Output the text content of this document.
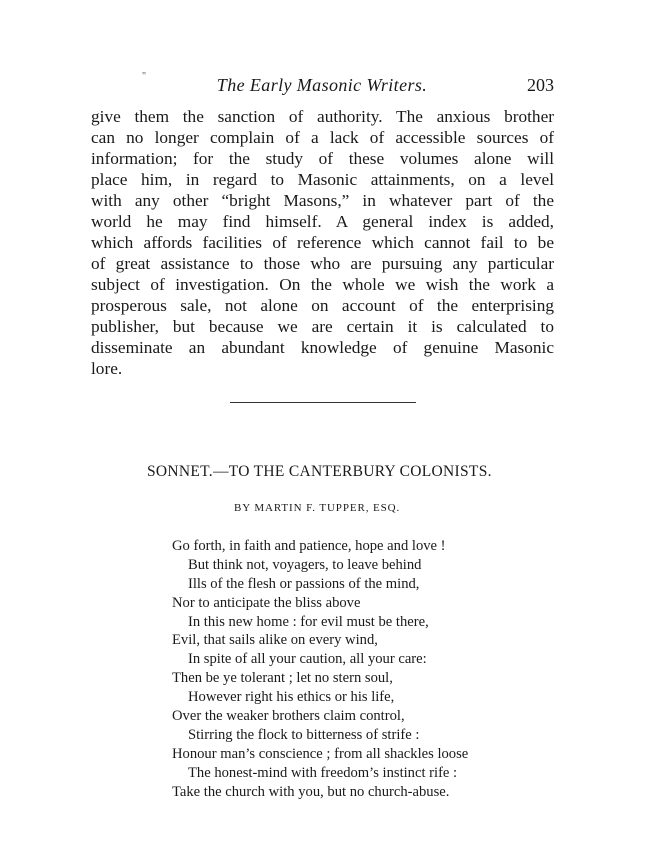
"	The Early Masonic Writers.	203
give them the sanction of authority. The anxious brother
can no longer complain of a lack of accessible sources of
information; for the study of these volumes alone will
place him, in regard to Masonic attainments, on a level
with any other “bright Masons,” in whatever part of the
world he may find himself. A general index is added,
which affords facilities of reference which cannot fail to be
of great assistance to those who are pursuing any particular
subject of investigation. On the whole we wish the work a
prosperous sale, not alone on account of the enterprising
publisher, but because we are certain it is calculated to
disseminate an abundant knowledge of genuine Masonic
lore.
SONNET.—TO THE CANTERBURY COLONISTS.
BY MARTIN F. TUPPER, ESQ.
Go forth, in faith and patience, hope and love !
But think not, voyagers, to leave behind
Ills of the flesh or passions of the mind,
Nor to anticipate the bliss above
In this new home : for evil must be there,
Evil, that sails alike on every wind,
In spite of all your caution, all your care:
Then be ye tolerant ; let no stern soul,
However right his ethics or his life,
Over the weaker brothers claim control,
Stirring the flock to bitterness of strife :
Honour man’s conscience ; from all shackles loose
The honest-mind with freedom’s instinct rife :
Take the church with you, but no church-abuse.
